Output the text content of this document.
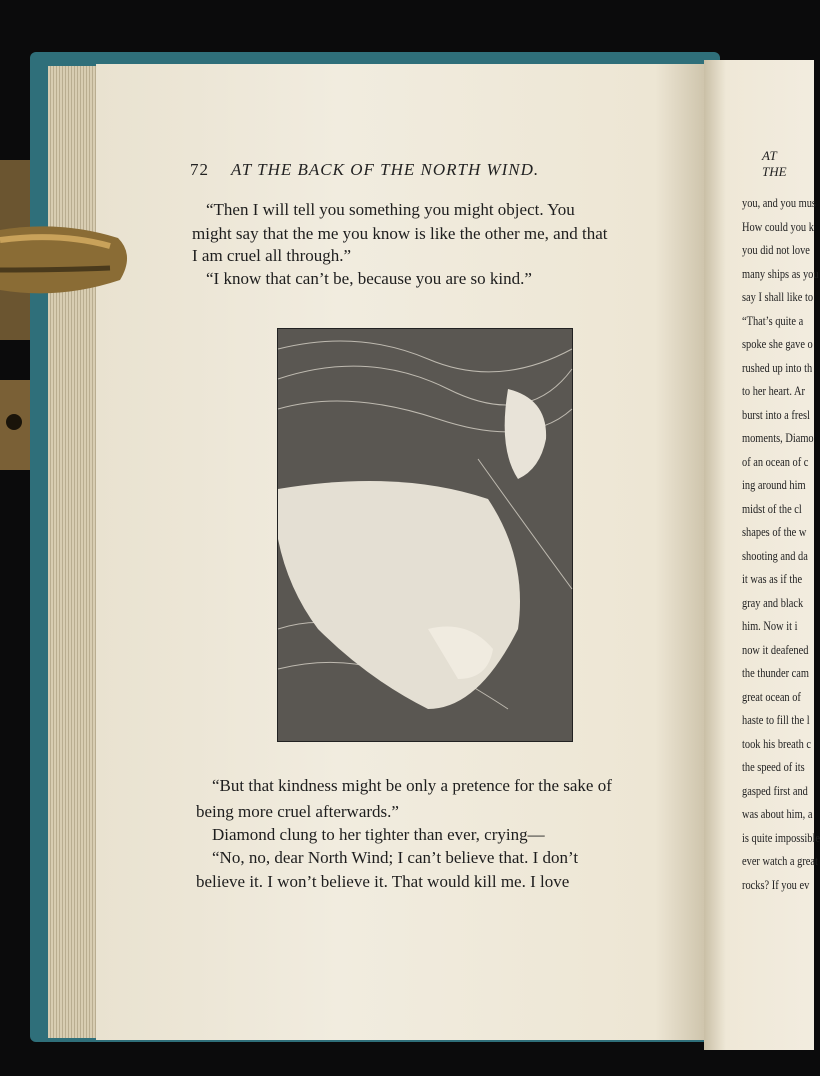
72 AT THE BACK OF THE NORTH WIND.
“Then I will tell you something you might object. You
might say that the me you know is like the other me, and that
I am cruel all through.”
“I know that can’t be, because you are so kind.”
“But that kindness might be only a pretence for the sake of
being more cruel afterwards.”
Diamond clung to her tighter than ever, crying—
“No, no, dear North Wind; I can’t believe that. I don’t
believe it. I won’t believe it. That would kill me. I love
AT THE
you, and you mus
How could you k
you did not love
many ships as you
say I shall like to
“That’s quite a
spoke she gave o
rushed up into th
to her heart. Ar
burst into a fresl
moments, Diamo
of an ocean of c
ing around him
midst of the cl
shapes of the w
shooting and da
it was as if the
gray and black
him. Now it i
now it deafened
the thunder cam
great ocean of
haste to fill the l
took his breath c
the speed of its
gasped first and
was about him, a
is quite impossible
ever watch a great
rocks? If you ev
